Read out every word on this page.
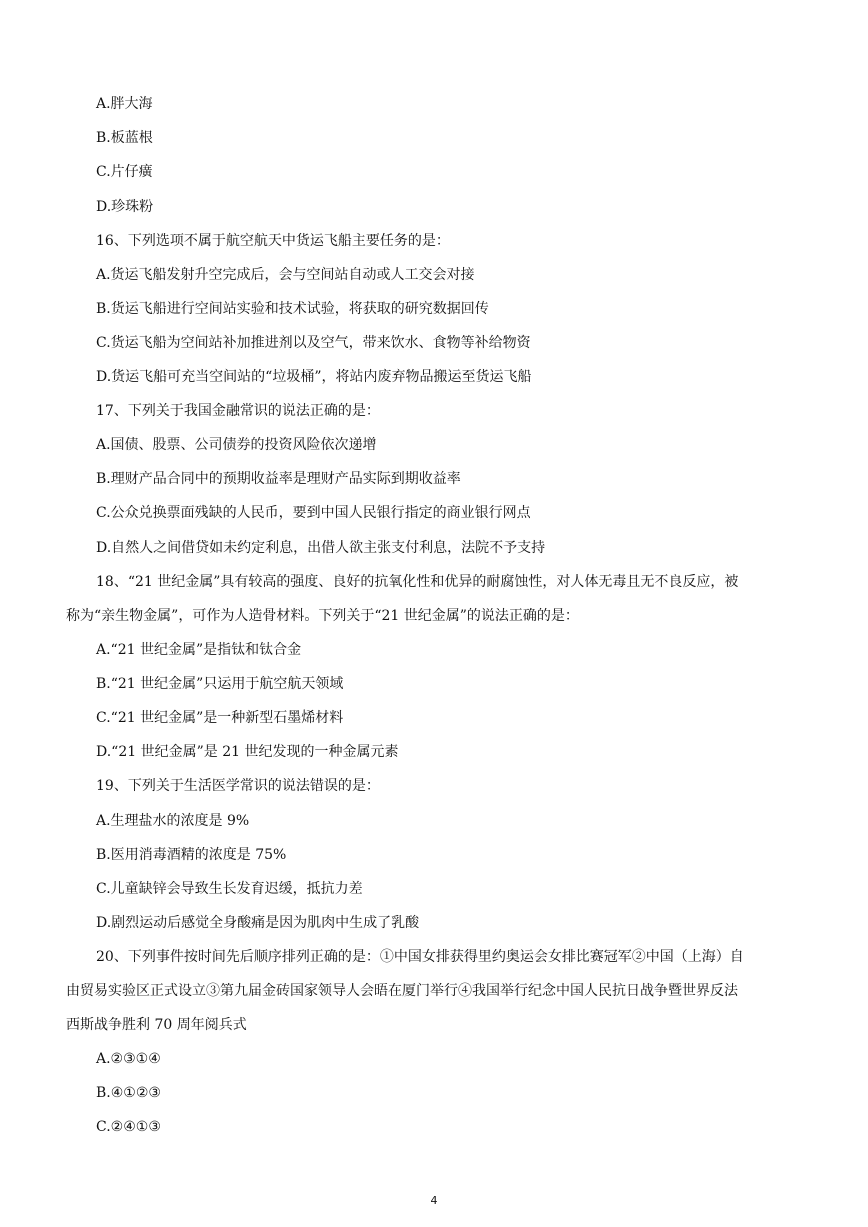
A.胖大海
B.板蓝根
C.片仔癀
D.珍珠粉
16、下列选项不属于航空航天中货运飞船主要任务的是：
A.货运飞船发射升空完成后，会与空间站自动或人工交会对接
B.货运飞船进行空间站实验和技术试验，将获取的研究数据回传
C.货运飞船为空间站补加推进剂以及空气，带来饮水、食物等补给物资
D.货运飞船可充当空间站的“垃圾桶”，将站内废弃物品搬运至货运飞船
17、下列关于我国金融常识的说法正确的是：
A.国债、股票、公司债券的投资风险依次递增
B.理财产品合同中的预期收益率是理财产品实际到期收益率
C.公众兑换票面残缺的人民币，要到中国人民银行指定的商业银行网点
D.自然人之间借贷如未约定利息，出借人欲主张支付利息，法院不予支持
18、“21 世纪金属”具有较高的强度、良好的抗氧化性和优异的耐腐蚀性，对人体无毒且无不良反应，被
称为“亲生物金属”，可作为人造骨材料。下列关于“21 世纪金属”的说法正确的是：
A.“21 世纪金属”是指钛和钛合金
B.“21 世纪金属”只运用于航空航天领域
C.“21 世纪金属”是一种新型石墨烯材料
D.“21 世纪金属”是 21 世纪发现的一种金属元素
19、下列关于生活医学常识的说法错误的是：
A.生理盐水的浓度是 9%
B.医用消毒酒精的浓度是 75%
C.儿童缺锌会导致生长发育迟缓，抵抗力差
D.剧烈运动后感觉全身酸痛是因为肌肉中生成了乳酸
20、下列事件按时间先后顺序排列正确的是：①中国女排获得里约奥运会女排比赛冠军②中国（上海）自
由贸易实验区正式设立③第九届金砖国家领导人会晤在厦门举行④我国举行纪念中国人民抗日战争暨世界反法
西斯战争胜利 70 周年阅兵式
A.②③①④
B.④①②③
C.②④①③
4
